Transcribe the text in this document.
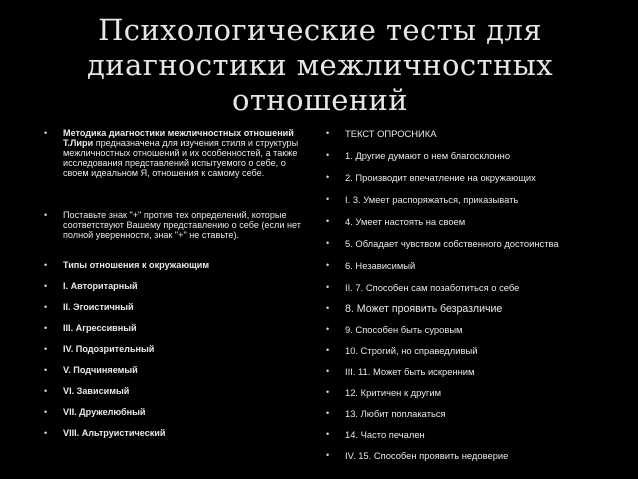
Психологические тесты для диагностики межличностных отношений
• Методика диагностики межличностных отношений Т.Лири предназначена для изучения стиля и структуры межличностных отношений и их особенностей, а также исследования представлений испытуемого о себе, о своем идеальном Я, отношения к самому себе.
• Поставьте знак "+" против тех определений, которые соответствуют Вашему представлению о себе (если нет полной уверенности, знак "+" не ставьте).
• Типы отношения к окружающим
• I. Авторитарный
• II. Эгоистичный
• III. Агрессивный
• IV. Подозрительный
• V. Подчиняемый
• VI. Зависимый
• VII. Дружелюбный
• VIII. Альтруистический
• ТЕКСТ ОПРОСНИКА
• 1. Другие думают о нем благосклонно
• 2. Производит впечатление на окружающих
• I. 3. Умеет распоряжаться, приказывать
• 4. Умеет настоять на своем
• 5. Обладает чувством собственного достоинства
• 6. Независимый
• II. 7. Способен сам позаботиться о себе
• 8. Может проявить безразличие
• 9. Способен быть суровым
• 10. Строгий, но справедливый
• III. 11. Может быть искренним
• 12. Критичен к другим
• 13. Любит поплакаться
• 14. Часто печален
• IV. 15. Способен проявить недоверие
